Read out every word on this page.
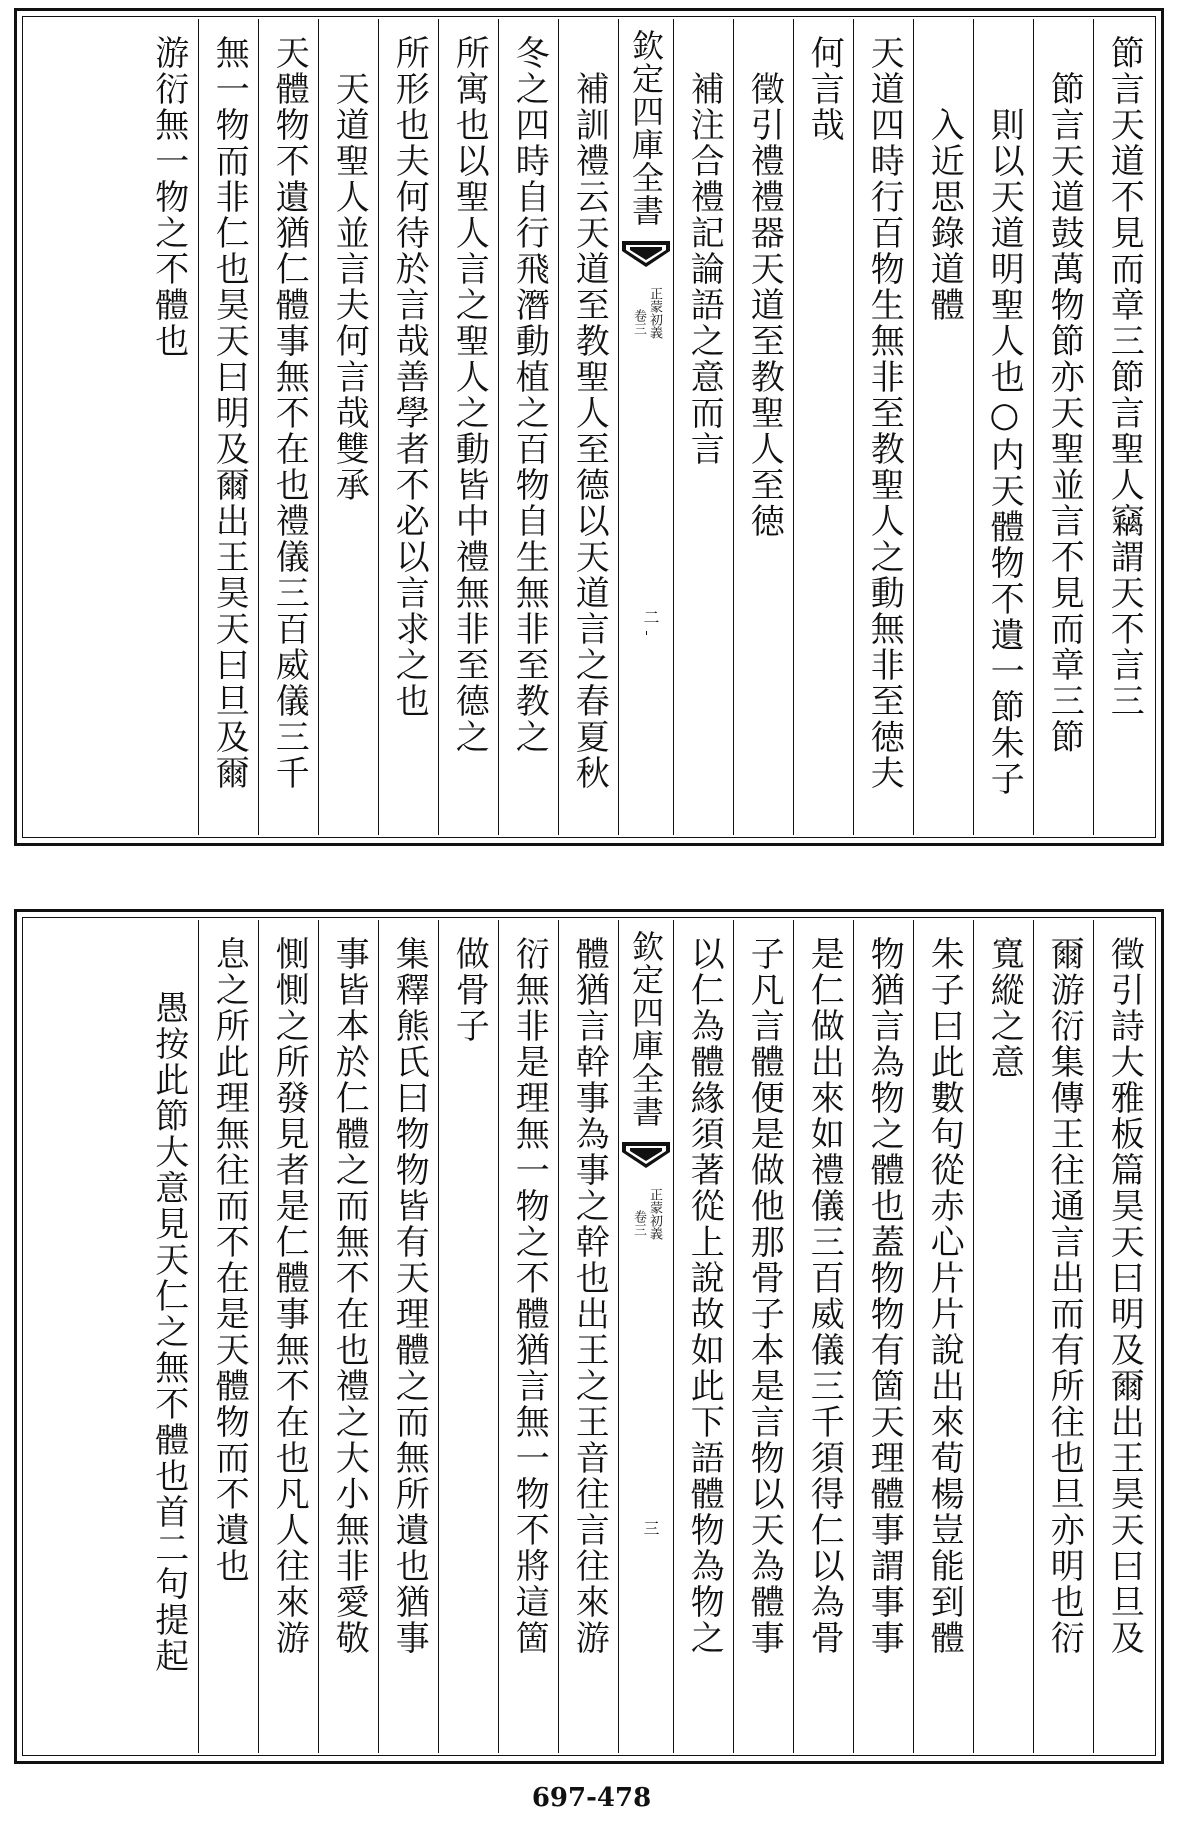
節言天道不見而章三節言聖人竊謂天不言三
節言天道鼓萬物節亦天聖並言不見而章三節
則以天道明聖人也○内天體物不遺一節朱子
入近思錄道體
天道四時行百物生無非至教聖人之動無非至徳夫
何言哉
徵引禮禮器天道至教聖人至徳
補注合禮記論語之意而言
欽定四庫全書
正蒙初義
卷三
二
補訓禮云天道至教聖人至德以天道言之春夏秋
冬之四時自行飛潛動植之百物自生無非至教之
所寓也以聖人言之聖人之動皆中禮無非至德之
所形也夫何待於言哉善學者不必以言求之也
天道聖人並言夫何言哉雙承
天體物不遺猶仁體事無不在也禮儀三百威儀三千
無一物而非仁也昊天曰明及爾出王昊天曰旦及爾
游衍無一物之不體也
徵引詩大雅板篇昊天曰明及爾出王昊天曰旦及
爾游衍集傳王往通言出而有所往也旦亦明也衍
寬縱之意
朱子曰此數句從赤心片片說出來荀楊豈能到體
物猶言為物之體也蓋物物有箇天理體事謂事事
是仁做出來如禮儀三百威儀三千須得仁以為骨
子凡言體便是做他那骨子本是言物以天為體事
以仁為體緣須著從上說故如此下語體物為物之
欽定四庫全書
正蒙初義
卷三
三
體猶言幹事為事之幹也出王之王音往言往來游
衍無非是理無一物之不體猶言無一物不將這箇
做骨子
集釋熊氏曰物物皆有天理體之而無所遺也猶事
事皆本於仁體之而無不在也禮之大小無非愛敬
惻惻之所發見者是仁體事無不在也凡人往來游
息之所此理無往而不在是天體物而不遺也
愚按此節大意見天仁之無不體也首二句提起
697-478
